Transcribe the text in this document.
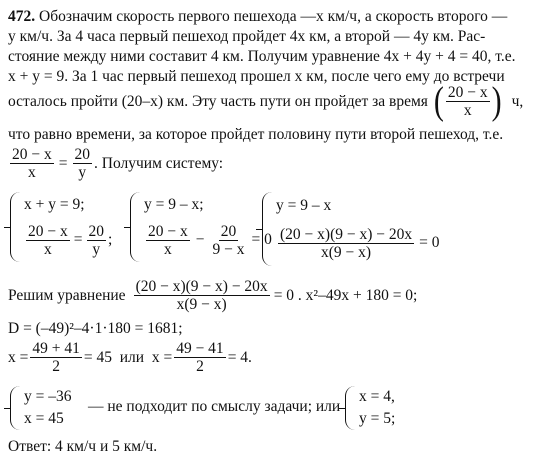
472. Обозначим скорость первого пешехода —x км/ч, а скорость второго —
y км/ч. За 4 часа первый пешеход пройдет 4x км, а второй — 4y км. Рас-
стояние между ними составит 4 км. Получим уравнение 4x + 4y + 4 = 40, т.е.
x + y = 9. За 1 час первый пешеход прошел x км, после чего ему до встречи
осталось пройти (20–x) км. Эту часть пути он пройдет за время ( $\frac{20 - x}{x}$ ) ч,
что равно времени, за которое пройдет половину пути второй пешеход, т.е.
$\frac{20 - x}{x} = \frac{20}{y}$ . Получим систему:
x + y = 9;
$\frac{20 - x}{x} = \frac{20}{y}$ ;
y = 9 – x;
$\frac{20 - x}{x} - \frac{20}{9 - x} = 0$
y = 9 – x
$\frac{(20 - x)(9 - x) - 20x}{x(9 - x)} = 0$
Решим уравнение $\frac{(20 - x)(9 - x) - 20x}{x(9 - x)} = 0$ . x²–49x + 180 = 0;
D = (–49)²–4·1·180 = 1681;
$x = \frac{49 + 41}{2} = 45$  или  $x = \frac{49 - 41}{2} = 4$.
y = –36
x = 45
— не подходит по смыслу задачи; или
x = 4,
y = 5;
Ответ: 4 км/ч и 5 км/ч.
